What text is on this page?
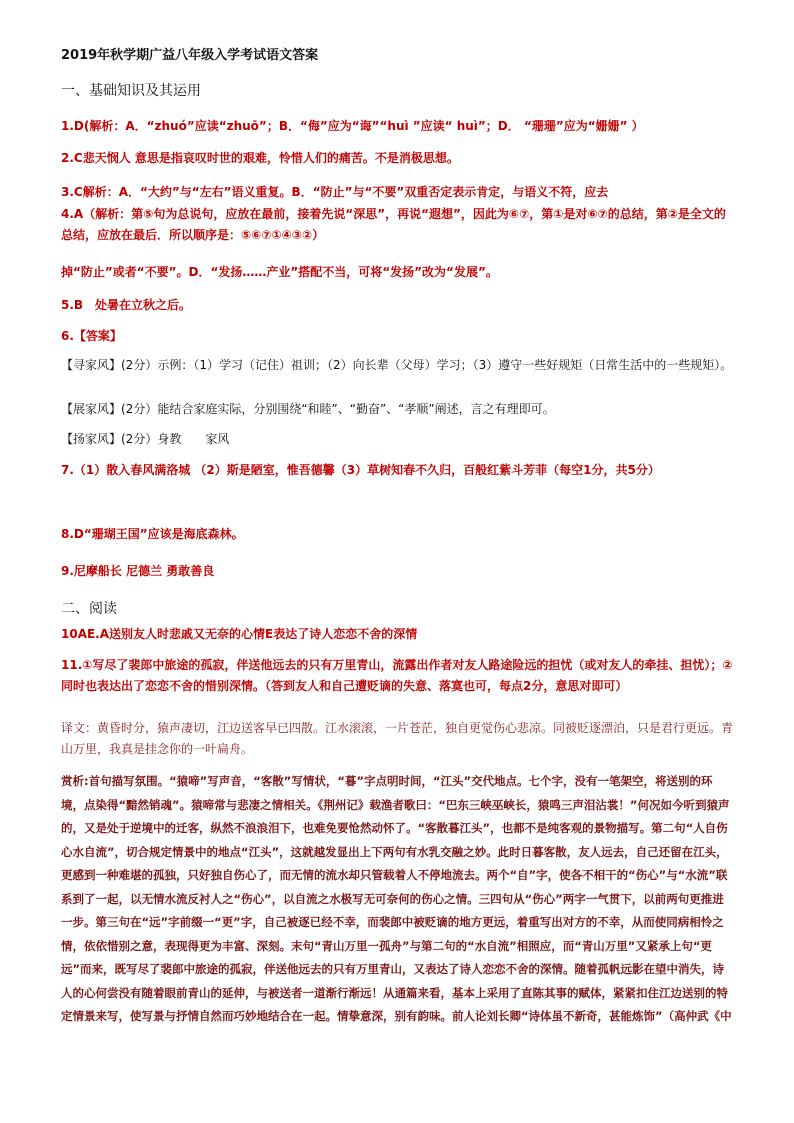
2019年秋学期广益八年级入学考试语文答案
一、基础知识及其运用
1.D(解析：A．“zhuó”应读“zhuō”；B．“侮”应为“诲”“huì ”应读“ huì”；D． “珊珊”应为“姗姗” ）
2.C悲天悯人 意思是指哀叹时世的艰难，怜惜人们的痛苦。不是消极思想。
3.C解析：A．“大约”与“左右”语义重复。B．“防止”与“不要”双重否定表示肯定，与语义不符，应去
4.A（解析：第⑤句为总说句，应放在最前，接着先说“深思”，再说“遐想”，因此为⑥⑦，第①是对⑥⑦的总结，第②是全文的总结，应放在最后．所以顺序是：⑤⑥⑦①④③②）
掉“防止”或者“不要”。D．“发扬……产业”搭配不当，可将“发扬”改为“发展”。
5.B　处暑在立秋之后。
6.【答案】
【寻家风】(2分）示例：（1）学习（记住）祖训；（2）向长辈（父母）学习；（3）遵守一些好规矩（日常生活中的一些规矩）。
【展家风】(2分）能结合家庭实际，分别围绕“和睦”、“勤奋”、“孝顺”阐述，言之有理即可。
【扬家风】(2分）身教　　家风
7.（1）散入春风满洛城 （2）斯是陋室，惟吾德馨（3）草树知春不久归，百般红紫斗芳菲（每空1分，共5分）
8.D“珊瑚王国”应该是海底森林。
9.尼摩船长 尼德兰 勇敢善良
二、阅读
10AE.A送别友人时悲戚又无奈的心情E表达了诗人恋恋不舍的深情
11.①写尽了裴郎中旅途的孤寂，伴送他远去的只有万里青山，流露出作者对友人路途险远的担忧（或对友人的牵挂、担忧）；②同时也表达出了恋恋不舍的惜别深情。（答到友人和自己遭贬谪的失意、落寞也可，每点2分，意思对即可）
译文：黄昏时分，猿声凄切，江边送客早已四散。江水滚滚，一片苍茫，独自更觉伤心悲凉。同被贬逐漂泊，只是君行更远。青山万里，我真是挂念你的一叶扁舟。
赏析:首句描写氛围。“猿啼”写声音，“客散”写情状，“暮”字点明时间，“江头”交代地点。七个字，没有一笔架空，将送别的环境，点染得“黯然销魂”。猿啼常与悲凄之情相关。《荆州记》载渔者歌曰：“巴东三峡巫峡长，猿鸣三声泪沾裳！”何况如今听到猿声的，又是处于逆境中的迁客，纵然不浪浪泪下，也难免要怆然动怀了。“客散暮江头”，也都不是纯客观的景物描写。第二句“人自伤心水自流”，切合规定情景中的地点“江头”，这就越发显出上下两句有水乳交融之妙。此时日暮客散，友人远去，自己还留在江头，更感到一种难堪的孤独，只好独自伤心了，而无情的流水却只管载着人不停地流去。两个“自”字，使各不相干的“伤心”与“水流”联系到了一起，以无情水流反衬人之“伤心”，以自流之水极写无可奈何的伤心之情。三四句从“伤心”两字一气贯下，以前两句更推进一步。第三句在“远”字前缀一“更”字，自己被逐已经不幸，而裴郎中被贬谪的地方更远，着重写出对方的不幸，从而使同病相怜之情，依依惜别之意，表现得更为丰富、深刻。末句“青山万里一孤舟”与第二句的“水自流”相照应，而“青山万里”又紧承上句“更远”而来，既写尽了裴郎中旅途的孤寂，伴送他远去的只有万里青山，又表达了诗人恋恋不舍的深情。随着孤帆远影在望中消失，诗人的心何尝没有随着眼前青山的延伸，与被送者一道渐行渐远！从通篇来看，基本上采用了直陈其事的赋体，紧紧扣住江边送别的特定情景来写，使写景与抒情自然而巧妙地结合在一起。情挚意深，别有韵味。前人论刘长卿“诗体虽不新奇，甚能炼饰”（高仲武《中
